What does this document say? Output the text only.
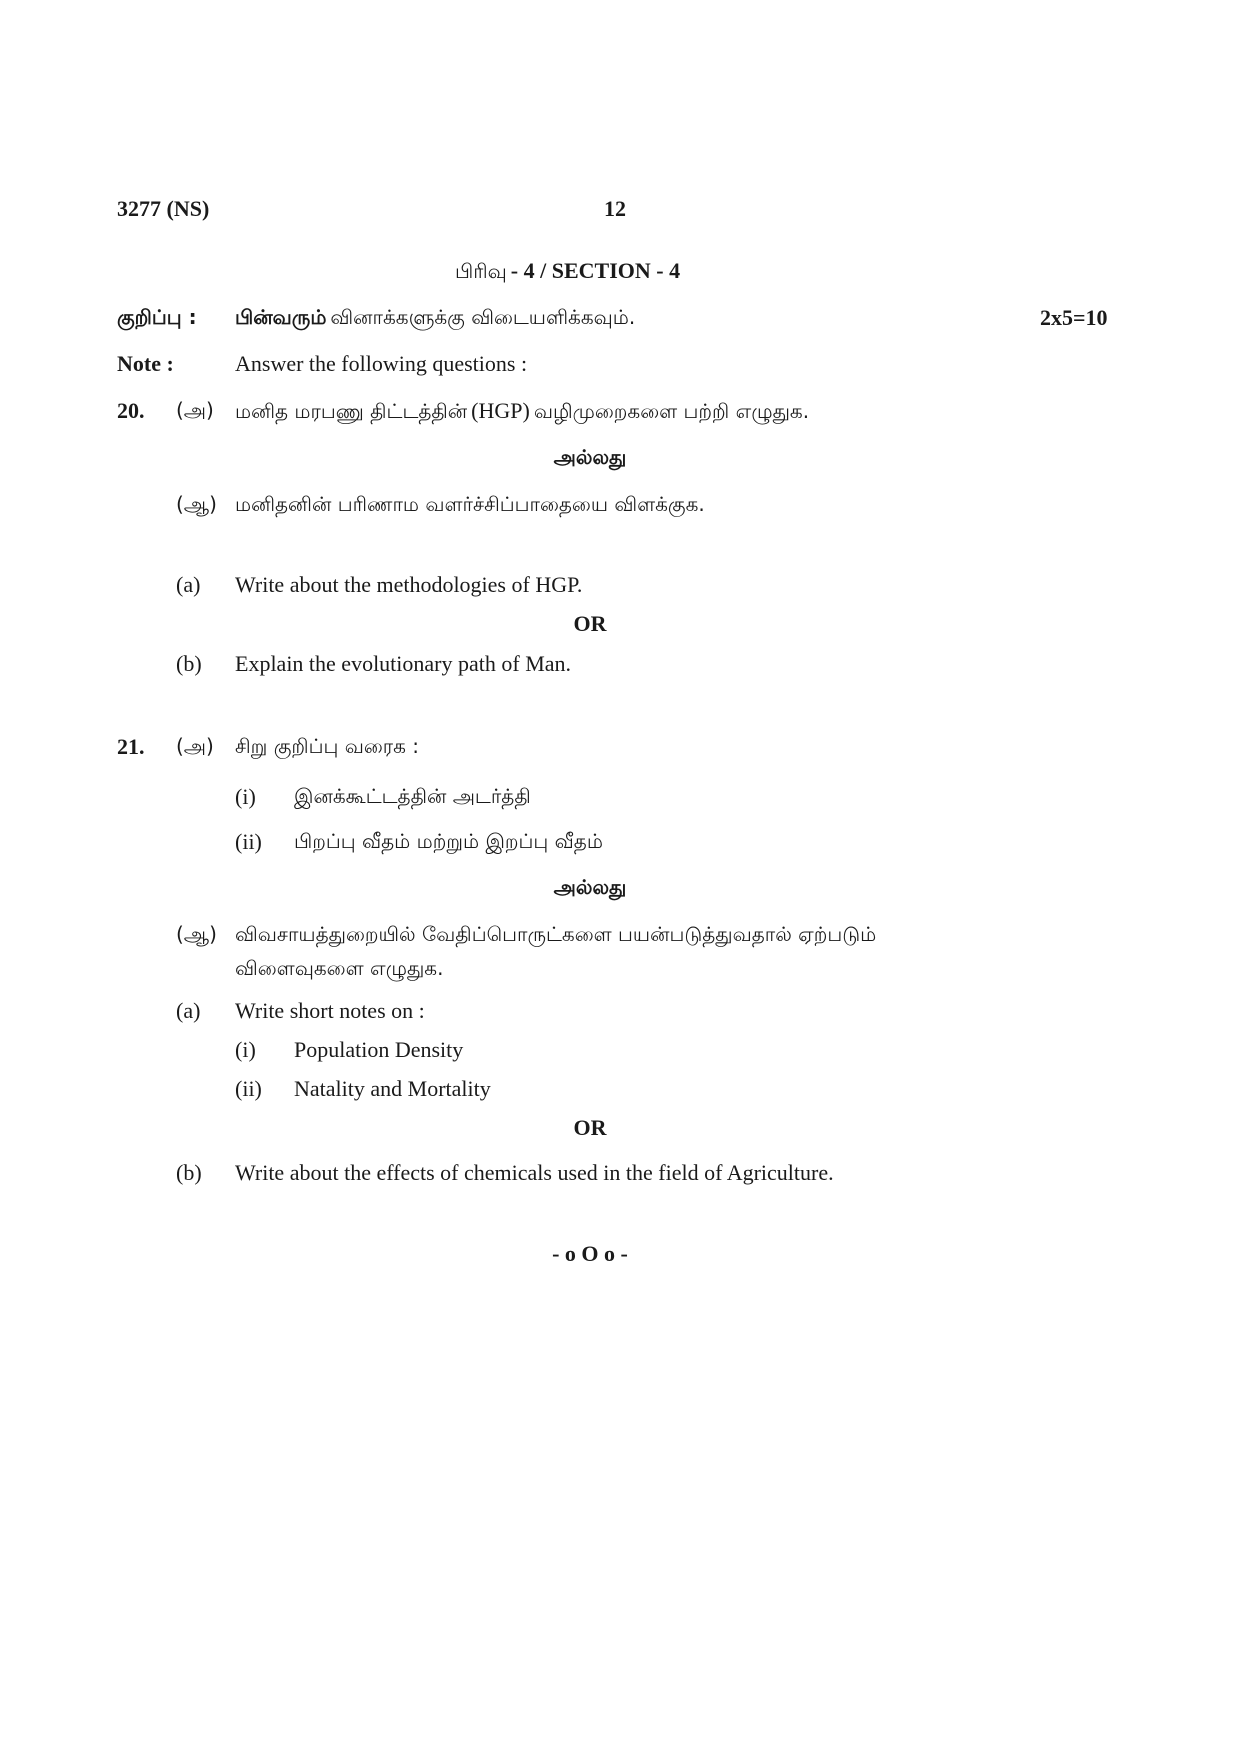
3277 (NS)	12
பிரிவு - 4 / SECTION - 4
குறிப்பு : பின்வரும் வினாக்களுக்கு விடையளிக்கவும்.	2x5=10
Note :	Answer the following questions :
20. (அ) மனித மரபணு திட்டத்தின் (HGP) வழிமுறைகளை பற்றி எழுதுக.
அல்லது
(ஆ) மனிதனின் பரிணாம வளர்ச்சிப்பாதையை விளக்குக.
(a) Write about the methodologies of HGP.
OR
(b) Explain the evolutionary path of Man.
21. (அ) சிறு குறிப்பு வரைக :
(i) இனக்கூட்டத்தின் அடர்த்தி
(ii) பிறப்பு வீதம் மற்றும் இறப்பு வீதம்
அல்லது
(ஆ) விவசாயத்துறையில் வேதிப்பொருட்களை பயன்படுத்துவதால் ஏற்படும்
விளைவுகளை எழுதுக.
(a) Write short notes on :
(i) Population Density
(ii) Natality and Mortality
OR
(b) Write about the effects of chemicals used in the field of Agriculture.
- o O o -
